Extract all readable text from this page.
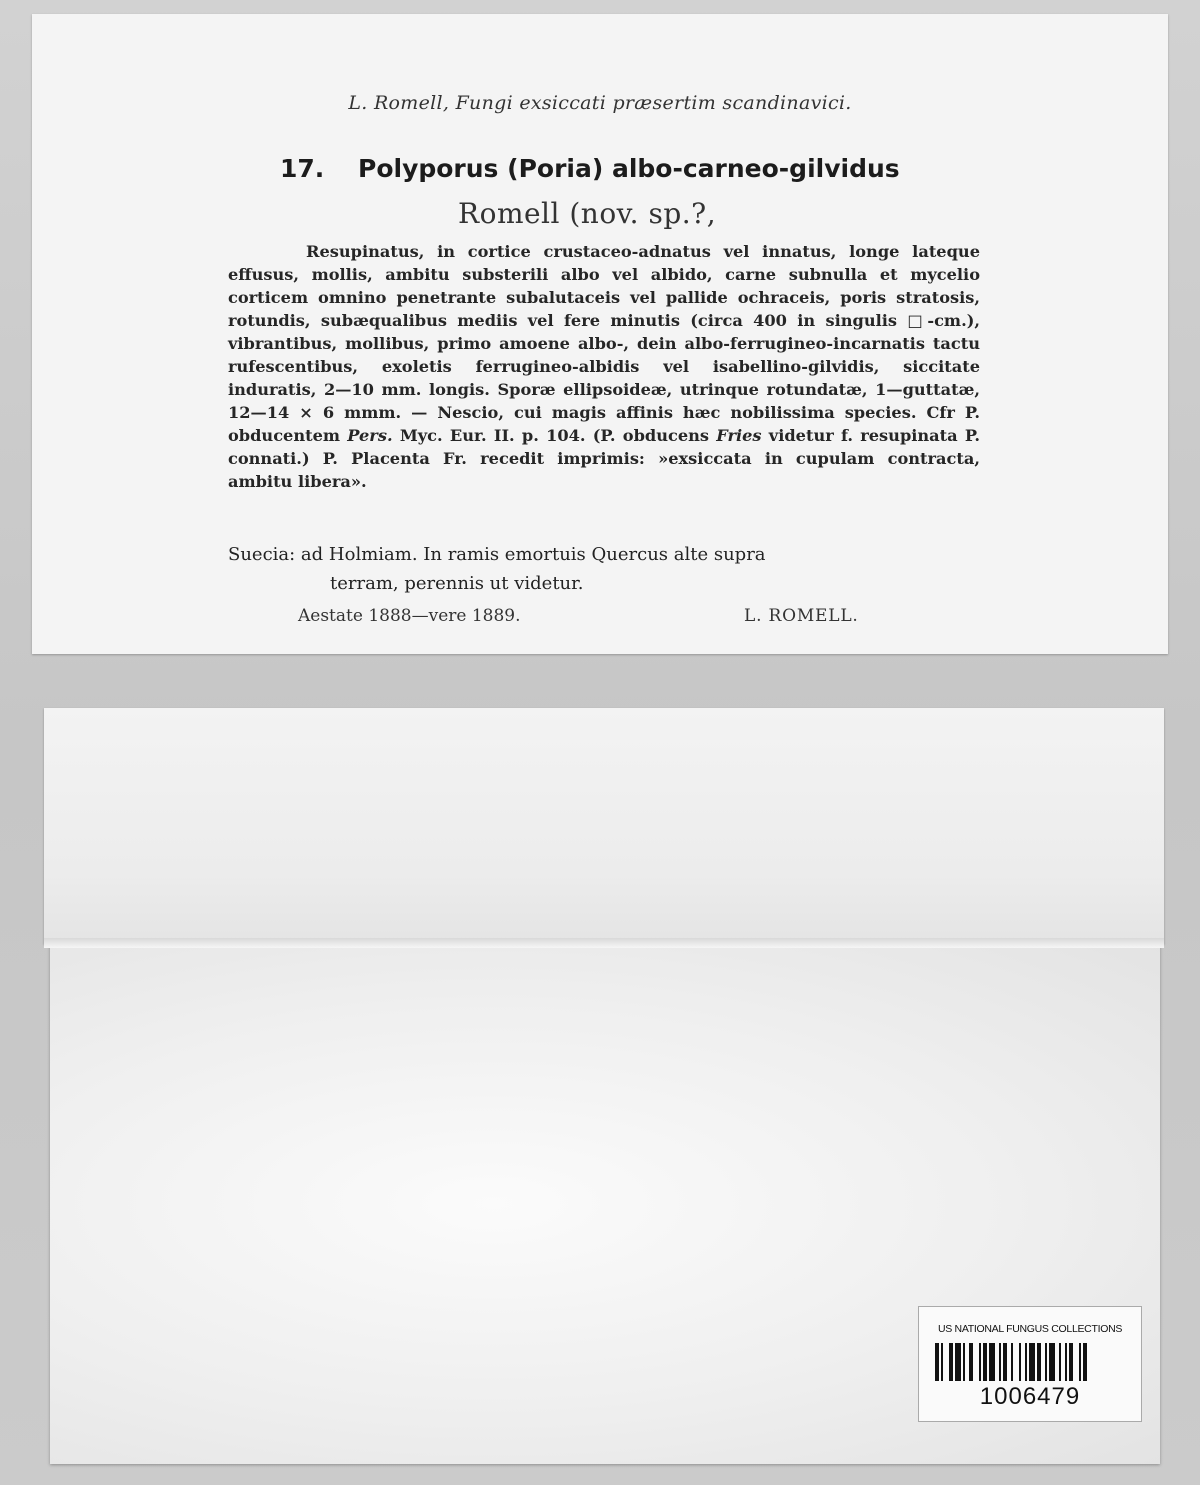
L. Romell, Fungi exsiccati præsertim scandinavici.
17. Polyporus (Poria) albo-carneo-gilvidus
Romell (nov. sp.?,
Resupinatus, in cortice crustaceo-adnatus vel innatus, longe lateque effusus, mollis, ambitu substerili albo vel albido, carne subnulla et mycelio corticem omnino penetrante subalutaceis vel pallide ochraceis, poris stratosis, rotundis, subæqualibus mediis vel fere minutis (circa 400 in singulis □-cm.), vibrantibus, mollibus, primo amoene albo-, dein albo-ferrugineo-incarnatis tactu rufescentibus, exoletis ferrugineo-albidis vel isabellino-gilvidis, siccitate induratis, 2—10 mm. longis. Sporæ ellipsoideæ, utrinque rotundatæ, 1—guttatæ, 12—14 × 6 mmm. — Nescio, cui magis affinis hæc nobilissima species. Cfr P. obducentem Pers. Myc. Eur. II. p. 104. (P. obducens Fries videtur f. resupinata P. connati.) P. Placenta Fr. recedit imprimis: »exsiccata in cupulam contracta, ambitu libera».
Suecia: ad Holmiam. In ramis emortuis Quercus alte supra
terram, perennis ut videtur.
Aestate 1888—vere 1889.	L. ROMELL.
US NATIONAL FUNGUS COLLECTIONS
1006479
